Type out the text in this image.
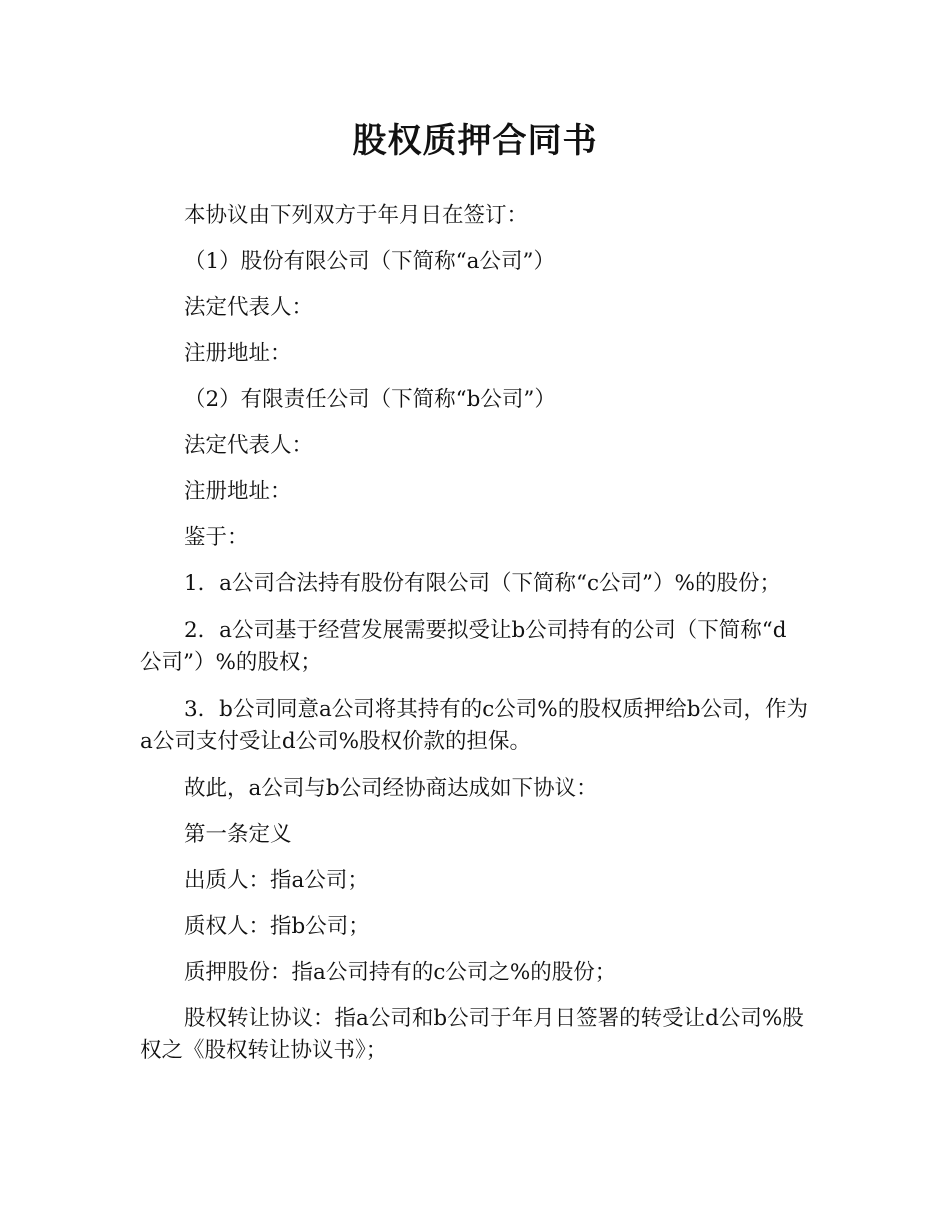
股权质押合同书

本协议由下列双方于年月日在签订：

（1）股份有限公司（下简称“a公司”）

法定代表人：

注册地址：

（2）有限责任公司（下简称“b公司”）

法定代表人：

注册地址：

鉴于：

1．a公司合法持有股份有限公司（下简称“c公司”）%的股份；

2．a公司基于经营发展需要拟受让b公司持有的公司（下简称“d公司”）%的股权；

3．b公司同意a公司将其持有的c公司%的股权质押给b公司，作为a公司支付受让d公司%股权价款的担保。

故此，a公司与b公司经协商达成如下协议：

第一条定义

出质人：指a公司；

质权人：指b公司；

质押股份：指a公司持有的c公司之%的股份；

股权转让协议：指a公司和b公司于年月日签署的转受让d公司%股权之《股权转让协议书》；
